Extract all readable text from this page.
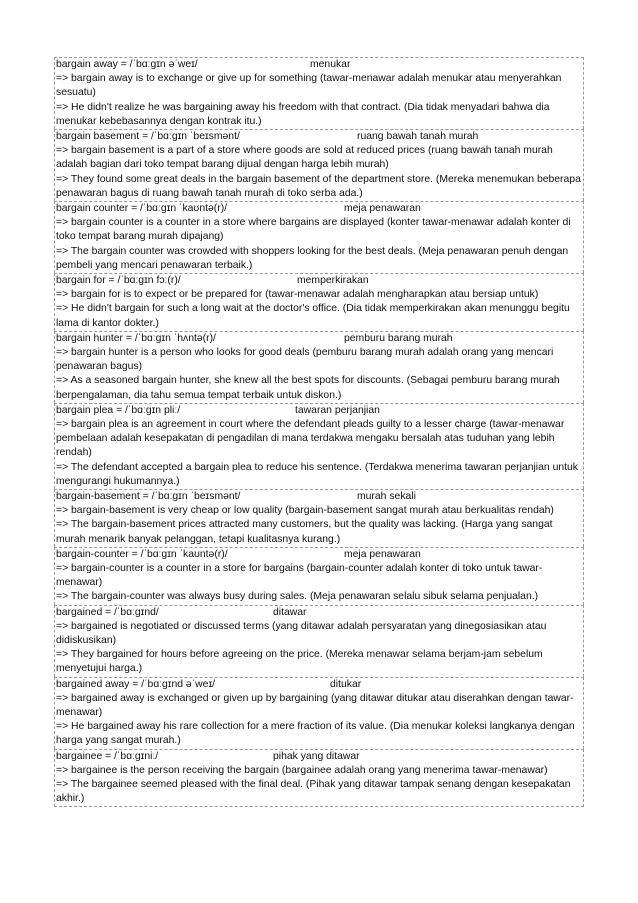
bargain away = /ˈbɑːɡɪn əˈweɪ/	menukar
=> bargain away is to exchange or give up for something (tawar-menawar adalah menukar atau menyerahkan sesuatu)
=> He didn't realize he was bargaining away his freedom with that contract. (Dia tidak menyadari bahwa dia menukar kebebasannya dengan kontrak itu.)
bargain basement = /ˈbɑːɡɪn ˈbeɪsmənt/	ruang bawah tanah murah
=> bargain basement is a part of a store where goods are sold at reduced prices (ruang bawah tanah murah adalah bagian dari toko tempat barang dijual dengan harga lebih murah)
=> They found some great deals in the bargain basement of the department store. (Mereka menemukan beberapa penawaran bagus di ruang bawah tanah murah di toko serba ada.)
bargain counter = /ˈbɑːɡɪn ˈkaʊntə(r)/	meja penawaran
=> bargain counter is a counter in a store where bargains are displayed (konter tawar-menawar adalah konter di toko tempat barang murah dipajang)
=> The bargain counter was crowded with shoppers looking for the best deals. (Meja penawaran penuh dengan pembeli yang mencari penawaran terbaik.)
bargain for = /ˈbɑːɡɪn fɔː(r)/	memperkirakan
=> bargain for is to expect or be prepared for (tawar-menawar adalah mengharapkan atau bersiap untuk)
=> He didn't bargain for such a long wait at the doctor's office. (Dia tidak memperkirakan akan menunggu begitu lama di kantor dokter.)
bargain hunter = /ˈbɑːɡɪn ˈhʌntə(r)/	pemburu barang murah
=> bargain hunter is a person who looks for good deals (pemburu barang murah adalah orang yang mencari penawaran bagus)
=> As a seasoned bargain hunter, she knew all the best spots for discounts. (Sebagai pemburu barang murah berpengalaman, dia tahu semua tempat terbaik untuk diskon.)
bargain plea = /ˈbɑːɡɪn pliː/	tawaran perjanjian
=> bargain plea is an agreement in court where the defendant pleads guilty to a lesser charge (tawar-menawar pembelaan adalah kesepakatan di pengadilan di mana terdakwa mengaku bersalah atas tuduhan yang lebih rendah)
=> The defendant accepted a bargain plea to reduce his sentence. (Terdakwa menerima tawaran perjanjian untuk mengurangi hukumannya.)
bargain-basement = /ˈbɑːɡɪn ˈbeɪsmənt/	murah sekali
=> bargain-basement is very cheap or low quality (bargain-basement sangat murah atau berkualitas rendah)
=> The bargain-basement prices attracted many customers, but the quality was lacking. (Harga yang sangat murah menarik banyak pelanggan, tetapi kualitasnya kurang.)
bargain-counter = /ˈbɑːɡɪn ˈkaʊntə(r)/	meja penawaran
=> bargain-counter is a counter in a store for bargains (bargain-counter adalah konter di toko untuk tawar-menawar)
=> The bargain-counter was always busy during sales. (Meja penawaran selalu sibuk selama penjualan.)
bargained = /ˈbɑːɡɪnd/	ditawar
=> bargained is negotiated or discussed terms (yang ditawar adalah persyaratan yang dinegosiasikan atau didiskusikan)
=> They bargained for hours before agreeing on the price. (Mereka menawar selama berjam-jam sebelum menyetujui harga.)
bargained away = /ˈbɑːɡɪnd əˈweɪ/	ditukar
=> bargained away is exchanged or given up by bargaining (yang ditawar ditukar atau diserahkan dengan tawar-menawar)
=> He bargained away his rare collection for a mere fraction of its value. (Dia menukar koleksi langkanya dengan harga yang sangat murah.)
bargainee = /ˈbɑːɡɪniː/	pihak yang ditawar
=> bargainee is the person receiving the bargain (bargainee adalah orang yang menerima tawar-menawar)
=> The bargainee seemed pleased with the final deal. (Pihak yang ditawar tampak senang dengan kesepakatan akhir.)
